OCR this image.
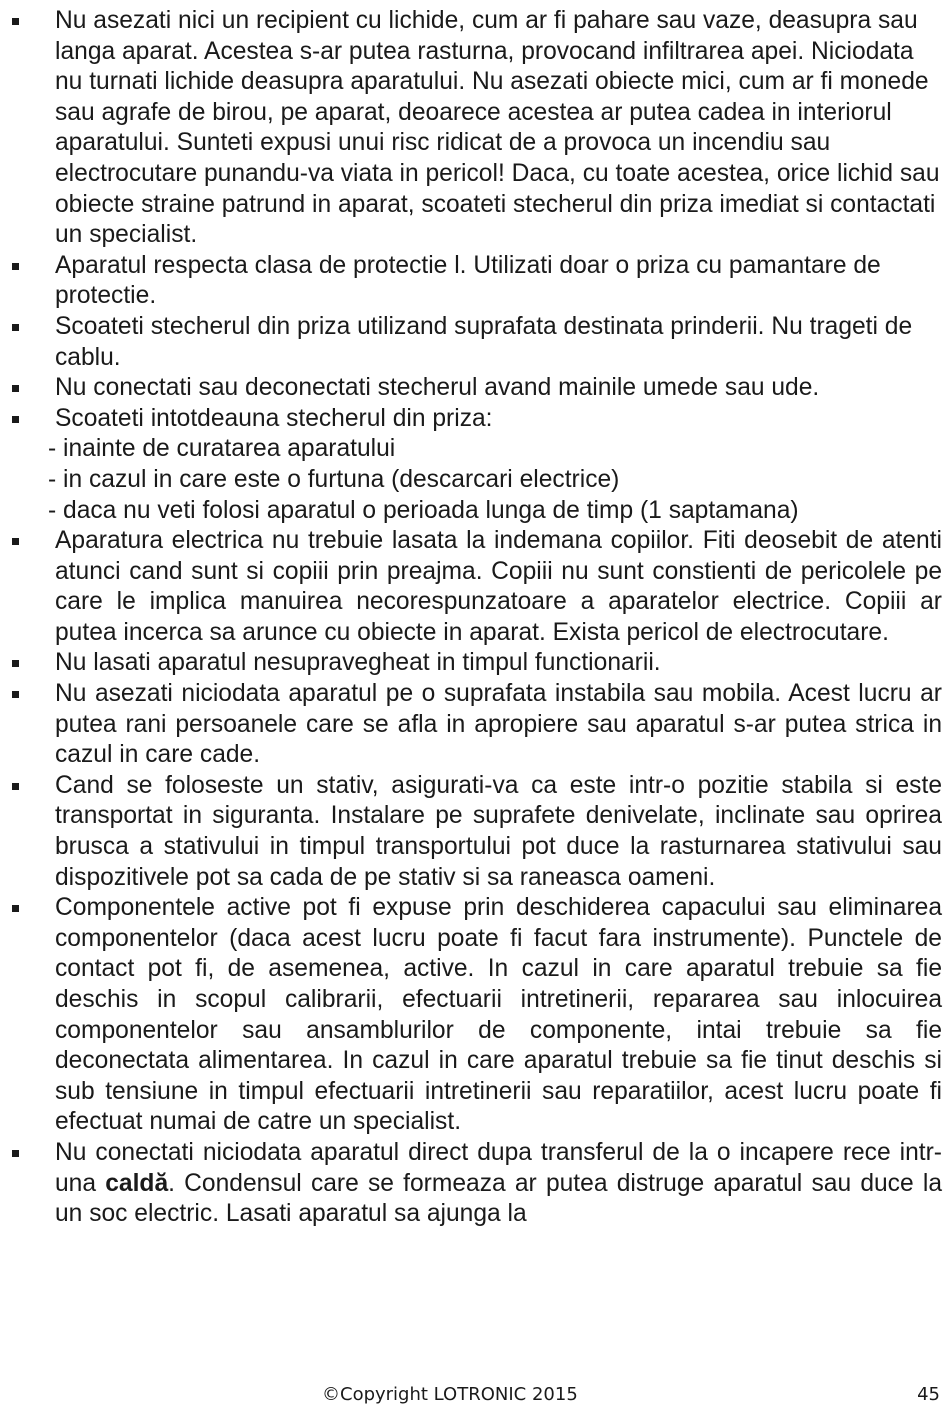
Nu asezati nici un recipient cu lichide, cum ar fi pahare sau vaze, deasupra sau langa aparat. Acestea s-ar putea rasturna, provocand infiltrarea apei. Niciodata nu turnati lichide deasupra aparatului. Nu asezati obiecte mici, cum ar fi monede sau agrafe de birou, pe aparat, deoarece acestea ar putea cadea in interiorul aparatului. Sunteti expusi unui risc ridicat de a provoca un incendiu sau electrocutare punandu-va viata in pericol! Daca, cu toate acestea, orice lichid sau obiecte straine patrund in aparat, scoateti stecherul din priza imediat si contactati un specialist.
Aparatul respecta clasa de protectie l. Utilizati doar o priza cu pamantare de protectie.
Scoateti stecherul din priza utilizand suprafata destinata prinderii. Nu trageti de cablu.
Nu conectati sau deconectati stecherul avand mainile umede sau ude.
Scoateti intotdeauna stecherul din priza:
- inainte de curatarea aparatului
- in cazul in care este o furtuna (descarcari electrice)
- daca nu veti folosi aparatul o perioada lunga de timp (1 saptamana)
Aparatura electrica nu trebuie lasata la indemana copiilor. Fiti deosebit de atenti atunci cand sunt si copiii prin preajma. Copiii nu sunt constienti de pericolele pe care le implica manuirea necorespunzatoare a aparatelor electrice. Copiii ar putea incerca sa arunce cu obiecte in aparat. Exista pericol de electrocutare.
Nu lasati aparatul nesupravegheat in timpul functionarii.
Nu asezati niciodata aparatul pe o suprafata instabila sau mobila. Acest lucru ar putea rani persoanele care se afla in apropiere sau aparatul s-ar putea strica in cazul in care cade.
Cand se foloseste un stativ, asigurati-va ca este intr-o pozitie stabila si este transportat in siguranta. Instalare pe suprafete denivelate, inclinate sau oprirea brusca a stativului in timpul transportului pot duce la rasturnarea stativului sau dispozitivele pot sa cada de pe stativ si sa raneasca oameni.
Componentele active pot fi expuse prin deschiderea capacului sau eliminarea componentelor (daca acest lucru poate fi facut fara instrumente). Punctele de contact pot fi, de asemenea, active. In cazul in care aparatul trebuie sa fie deschis in scopul calibrarii, efectuarii intretinerii, repararea sau inlocuirea componentelor sau ansamblurilor de componente, intai trebuie sa fie deconectata alimentarea. In cazul in care aparatul trebuie sa fie tinut deschis si sub tensiune in timpul efectuarii intretinerii sau reparatiilor, acest lucru poate fi efectuat numai de catre un specialist.
Nu conectati niciodata aparatul direct dupa transferul de la o incapere rece intr-una caldă. Condensul care se formeaza ar putea distruge aparatul sau duce la un soc electric. Lasati aparatul sa ajunga la
©Copyright LOTRONIC 2015	45
